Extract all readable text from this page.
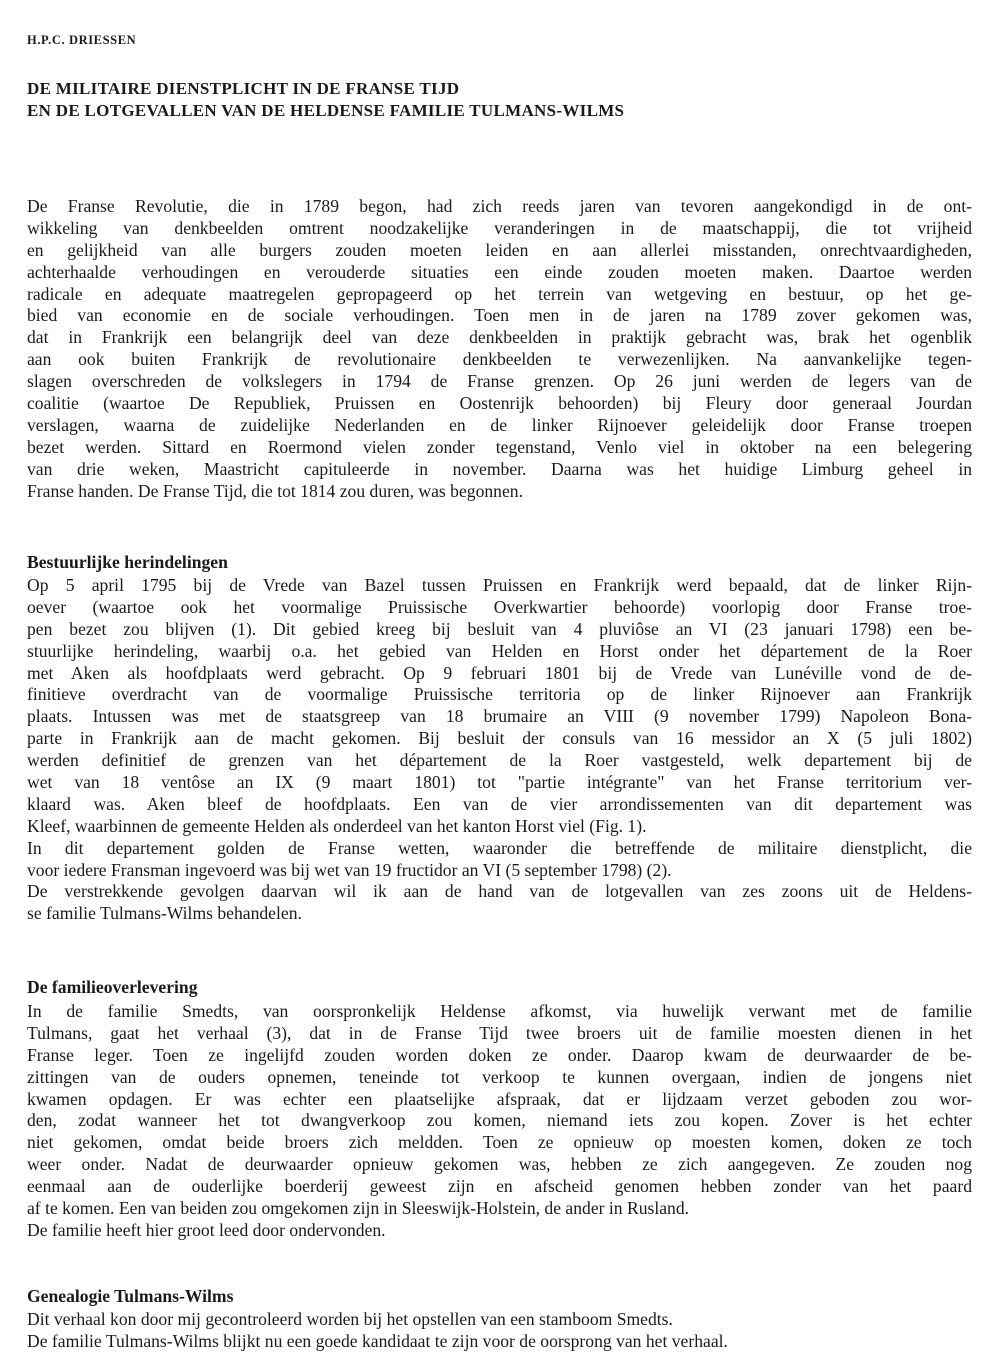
H.P.C. DRIESSEN
DE MILITAIRE DIENSTPLICHT IN DE FRANSE TIJD
EN DE LOTGEVALLEN VAN DE HELDENSE FAMILIE TULMANS-WILMS
De Franse Revolutie, die in 1789 begon, had zich reeds jaren van tevoren aangekondigd in de ont-
wikkeling van denkbeelden omtrent noodzakelijke veranderingen in de maatschappij, die tot vrijheid
en gelijkheid van alle burgers zouden moeten leiden en aan allerlei misstanden, onrechtvaardigheden,
achterhaalde verhoudingen en verouderde situaties een einde zouden moeten maken. Daartoe werden
radicale en adequate maatregelen gepropageerd op het terrein van wetgeving en bestuur, op het ge-
bied van economie en de sociale verhoudingen. Toen men in de jaren na 1789 zover gekomen was,
dat in Frankrijk een belangrijk deel van deze denkbeelden in praktijk gebracht was, brak het ogenblik
aan ook buiten Frankrijk de revolutionaire denkbeelden te verwezenlijken. Na aanvankelijke tegen-
slagen overschreden de volkslegers in 1794 de Franse grenzen. Op 26 juni werden de legers van de
coalitie (waartoe De Republiek, Pruissen en Oostenrijk behoorden) bij Fleury door generaal Jourdan
verslagen, waarna de zuidelijke Nederlanden en de linker Rijnoever geleidelijk door Franse troepen
bezet werden. Sittard en Roermond vielen zonder tegenstand, Venlo viel in oktober na een belegering
van drie weken, Maastricht capituleerde in november. Daarna was het huidige Limburg geheel in
Franse handen. De Franse Tijd, die tot 1814 zou duren, was begonnen.
Bestuurlijke herindelingen
Op 5 april 1795 bij de Vrede van Bazel tussen Pruissen en Frankrijk werd bepaald, dat de linker Rijn-
oever (waartoe ook het voormalige Pruissische Overkwartier behoorde) voorlopig door Franse troe-
pen bezet zou blijven (1). Dit gebied kreeg bij besluit van 4 pluviôse an VI (23 januari 1798) een be-
stuurlijke herindeling, waarbij o.a. het gebied van Helden en Horst onder het département de la Roer
met Aken als hoofdplaats werd gebracht. Op 9 februari 1801 bij de Vrede van Lunéville vond de de-
finitieve overdracht van de voormalige Pruissische territoria op de linker Rijnoever aan Frankrijk
plaats. Intussen was met de staatsgreep van 18 brumaire an VIII (9 november 1799) Napoleon Bona-
parte in Frankrijk aan de macht gekomen. Bij besluit der consuls van 16 messidor an X (5 juli 1802)
werden definitief de grenzen van het département de la Roer vastgesteld, welk departement bij de
wet van 18 ventôse an IX (9 maart 1801) tot "partie intégrante" van het Franse territorium ver-
klaard was. Aken bleef de hoofdplaats. Een van de vier arrondissementen van dit departement was
Kleef, waarbinnen de gemeente Helden als onderdeel van het kanton Horst viel (Fig. 1).
In dit departement golden de Franse wetten, waaronder die betreffende de militaire dienstplicht, die
voor iedere Fransman ingevoerd was bij wet van 19 fructidor an VI (5 september 1798) (2).
De verstrekkende gevolgen daarvan wil ik aan de hand van de lotgevallen van zes zoons uit de Heldens-
se familie Tulmans-Wilms behandelen.
De familieoverlevering
In de familie Smedts, van oorspronkelijk Heldense afkomst, via huwelijk verwant met de familie
Tulmans, gaat het verhaal (3), dat in de Franse Tijd twee broers uit de familie moesten dienen in het
Franse leger. Toen ze ingelijfd zouden worden doken ze onder. Daarop kwam de deurwaarder de be-
zittingen van de ouders opnemen, teneinde tot verkoop te kunnen overgaan, indien de jongens niet
kwamen opdagen. Er was echter een plaatselijke afspraak, dat er lijdzaam verzet geboden zou wor-
den, zodat wanneer het tot dwangverkoop zou komen, niemand iets zou kopen. Zover is het echter
niet gekomen, omdat beide broers zich meldden. Toen ze opnieuw op moesten komen, doken ze toch
weer onder. Nadat de deurwaarder opnieuw gekomen was, hebben ze zich aangegeven. Ze zouden nog
eenmaal aan de ouderlijke boerderij geweest zijn en afscheid genomen hebben zonder van het paard
af te komen. Een van beiden zou omgekomen zijn in Sleeswijk-Holstein, de ander in Rusland.
De familie heeft hier groot leed door ondervonden.
Genealogie Tulmans-Wilms
Dit verhaal kon door mij gecontroleerd worden bij het opstellen van een stamboom Smedts.
De familie Tulmans-Wilms blijkt nu een goede kandidaat te zijn voor de oorsprong van het verhaal.
